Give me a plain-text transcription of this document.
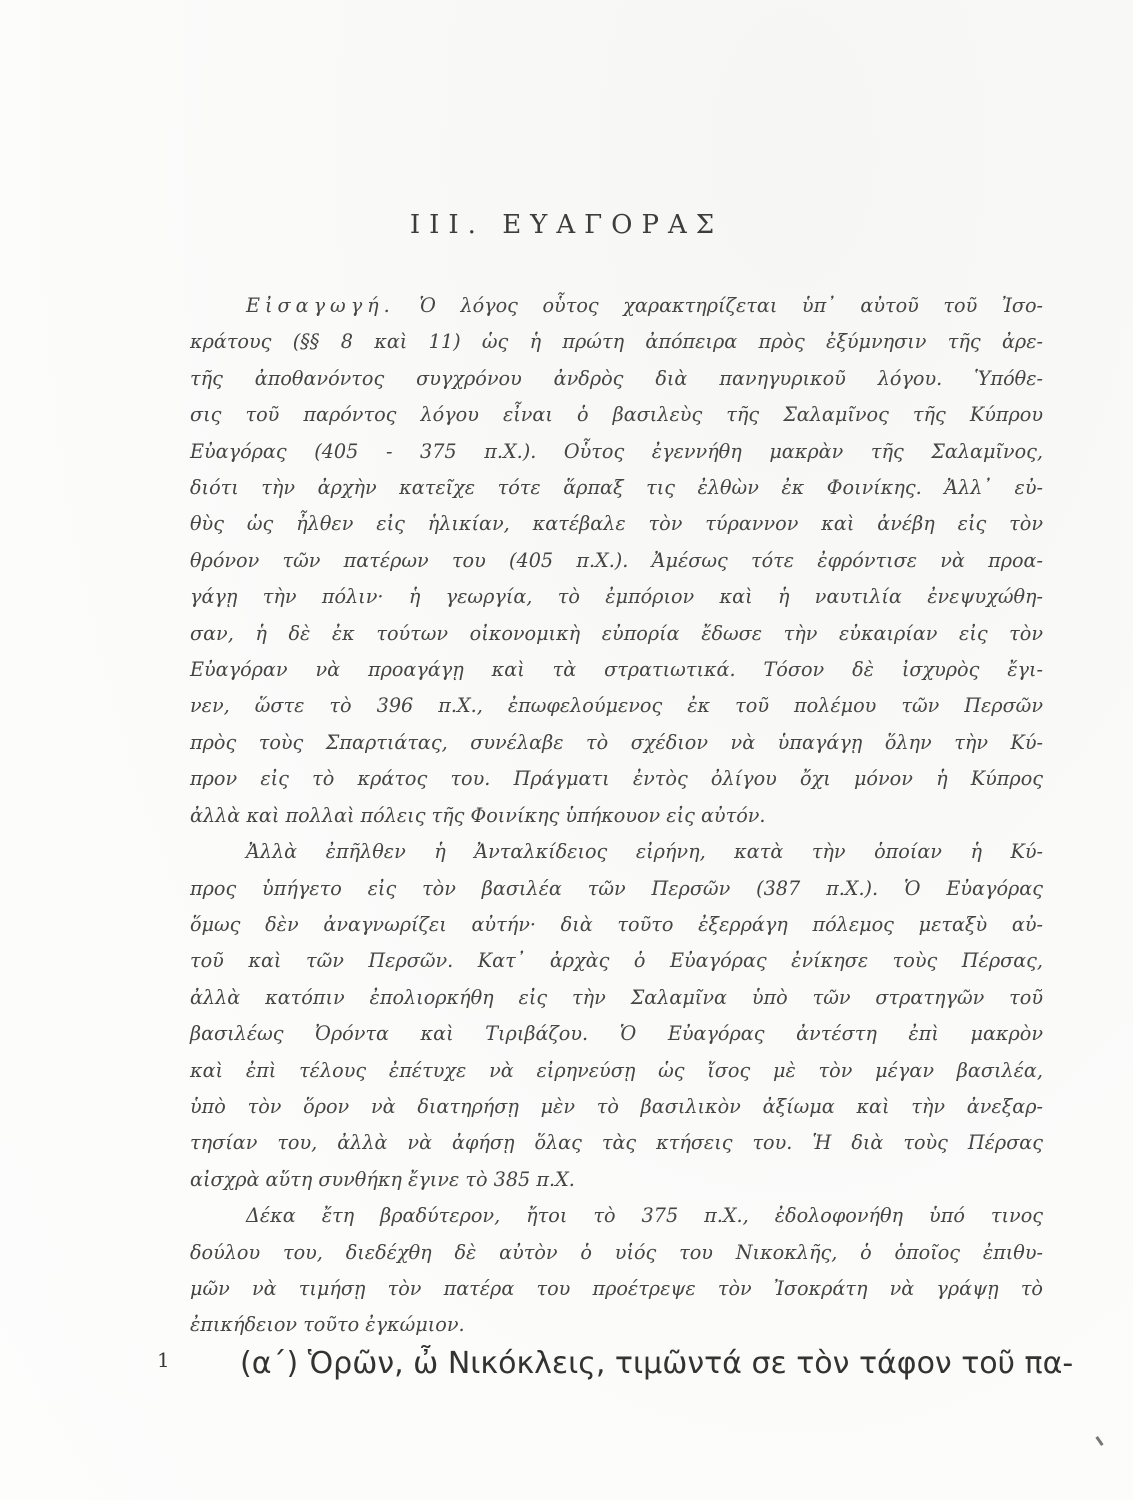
ΙΙΙ. ΕΥΑΓΟΡΑΣ
Εἰσαγωγή. Ὁ λόγος οὗτος χαρακτηρίζεται ὑπ᾽ αὐτοῦ τοῦ Ἰσο-
κράτους (§§ 8 καὶ 11) ὡς ἡ πρώτη ἀπόπειρα πρὸς ἐξύμνησιν τῆς ἀρε-
τῆς ἀποθανόντος συγχρόνου ἀνδρὸς διὰ πανηγυρικοῦ λόγου. Ὑπόθε-
σις τοῦ παρόντος λόγου εἶναι ὁ βασιλεὺς τῆς Σαλαμῖνος τῆς Κύπρου
Εὐαγόρας (405 - 375 π.Χ.). Οὗτος ἐγεννήθη μακρὰν τῆς Σαλαμῖνος,
διότι τὴν ἀρχὴν κατεῖχε τότε ἅρπαξ τις ἐλθὼν ἐκ Φοινίκης. Ἀλλ᾽ εὐ-
θὺς ὡς ἦλθεν εἰς ἡλικίαν, κατέβαλε τὸν τύραννον καὶ ἀνέβη εἰς τὸν
θρόνον τῶν πατέρων του (405 π.Χ.). Ἀμέσως τότε ἐφρόντισε νὰ προα-
γάγῃ τὴν πόλιν· ἡ γεωργία, τὸ ἐμπόριον καὶ ἡ ναυτιλία ἐνεψυχώθη-
σαν, ἡ δὲ ἐκ τούτων οἰκονομικὴ εὐπορία ἔδωσε τὴν εὐκαιρίαν εἰς τὸν
Εὐαγόραν νὰ προαγάγῃ καὶ τὰ στρατιωτικά. Τόσον δὲ ἰσχυρὸς ἔγι-
νεν, ὥστε τὸ 396 π.Χ., ἐπωφελούμενος ἐκ τοῦ πολέμου τῶν Περσῶν
πρὸς τοὺς Σπαρτιάτας, συνέλαβε τὸ σχέδιον νὰ ὑπαγάγῃ ὅλην τὴν Κύ-
προν εἰς τὸ κράτος του. Πράγματι ἐντὸς ὀλίγου ὄχι μόνον ἡ Κύπρος
ἀλλὰ καὶ πολλαὶ πόλεις τῆς Φοινίκης ὑπήκουον εἰς αὐτόν.
Ἀλλὰ ἐπῆλθεν ἡ Ἀνταλκίδειος εἰρήνη, κατὰ τὴν ὁποίαν ἡ Κύ-
προς ὑπήγετο εἰς τὸν βασιλέα τῶν Περσῶν (387 π.Χ.). Ὁ Εὐαγόρας
ὅμως δὲν ἀναγνωρίζει αὐτήν· διὰ τοῦτο ἐξερράγη πόλεμος μεταξὺ αὐ-
τοῦ καὶ τῶν Περσῶν. Κατ᾽ ἀρχὰς ὁ Εὐαγόρας ἐνίκησε τοὺς Πέρσας,
ἀλλὰ κατόπιν ἐπολιορκήθη εἰς τὴν Σαλαμῖνα ὑπὸ τῶν στρατηγῶν τοῦ
βασιλέως Ὀρόντα καὶ Τιριβάζου. Ὁ Εὐαγόρας ἀντέστη ἐπὶ μακρὸν
καὶ ἐπὶ τέλους ἐπέτυχε νὰ εἰρηνεύσῃ ὡς ἴσος μὲ τὸν μέγαν βασιλέα,
ὑπὸ τὸν ὅρον νὰ διατηρήσῃ μὲν τὸ βασιλικὸν ἀξίωμα καὶ τὴν ἀνεξαρ-
τησίαν του, ἀλλὰ νὰ ἀφήσῃ ὅλας τὰς κτήσεις του. Ἡ διὰ τοὺς Πέρσας
αἰσχρὰ αὕτη συνθήκη ἔγινε τὸ 385 π.Χ.
Δέκα ἔτη βραδύτερον, ἤτοι τὸ 375 π.Χ., ἐδολοφονήθη ὑπό τινος
δούλου του, διεδέχθη δὲ αὐτὸν ὁ υἱός του Νικοκλῆς, ὁ ὁποῖος ἐπιθυ-
μῶν νὰ τιμήσῃ τὸν πατέρα του προέτρεψε τὸν Ἰσοκράτη νὰ γράψῃ τὸ
ἐπικήδειον τοῦτο ἐγκώμιον.
1 (α΄) Ὁρῶν, ὦ Νικόκλεις, τιμῶντά σε τὸν τάφον τοῦ πα-
